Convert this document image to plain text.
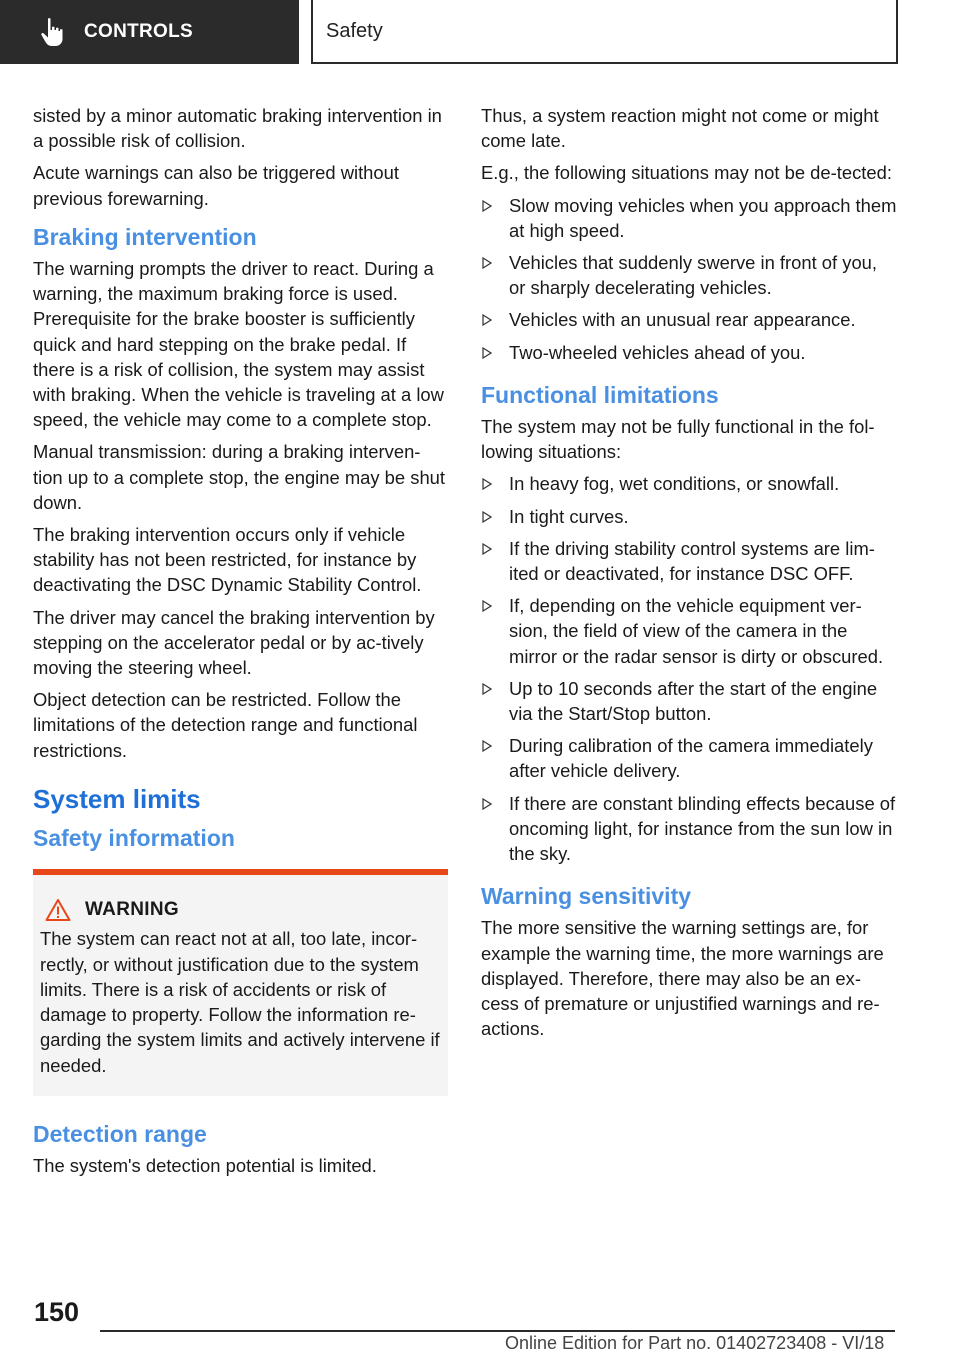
CONTROLS	Safety

sisted by a minor automatic braking intervention in a possible risk of collision.

Acute warnings can also be triggered without previous forewarning.

Braking intervention

The warning prompts the driver to react. During a warning, the maximum braking force is used. Prerequisite for the brake booster is sufficiently quick and hard stepping on the brake pedal. If there is a risk of collision, the system may assist with braking. When the vehicle is traveling at a low speed, the vehicle may come to a complete stop.

Manual transmission: during a braking interven-tion up to a complete stop, the engine may be shut down.

The braking intervention occurs only if vehicle stability has not been restricted, for instance by deactivating the DSC Dynamic Stability Control.

The driver may cancel the braking intervention by stepping on the accelerator pedal or by ac-tively moving the steering wheel.

Object detection can be restricted. Follow the limitations of the detection range and functional restrictions.

System limits
Safety information
WARNING

The system can react not at all, too late, incor-rectly, or without justification due to the system limits. There is a risk of accidents or risk of damage to property. Follow the information re-garding the system limits and actively intervene if needed.

Detection range

The system's detection potential is limited.

Thus, a system reaction might not come or might come late.

E.g., the following situations may not be de-tected:

Slow moving vehicles when you approach them at high speed.
Vehicles that suddenly swerve in front of you, or sharply decelerating vehicles.
Vehicles with an unusual rear appearance.
Two-wheeled vehicles ahead of you.
Functional limitations

The system may not be fully functional in the fol-lowing situations:

In heavy fog, wet conditions, or snowfall.
In tight curves.
If the driving stability control systems are lim-ited or deactivated, for instance DSC OFF.
If, depending on the vehicle equipment ver-sion, the field of view of the camera in the mirror or the radar sensor is dirty or obscured.
Up to 10 seconds after the start of the engine via the Start/Stop button.
During calibration of the camera immediately after vehicle delivery.
If there are constant blinding effects because of oncoming light, for instance from the sun low in the sky.
Warning sensitivity

The more sensitive the warning settings are, for example the warning time, the more warnings are displayed. Therefore, there may also be an ex-cess of premature or unjustified warnings and re-actions.

150
Online Edition for Part no. 01402723408 - VI/18
